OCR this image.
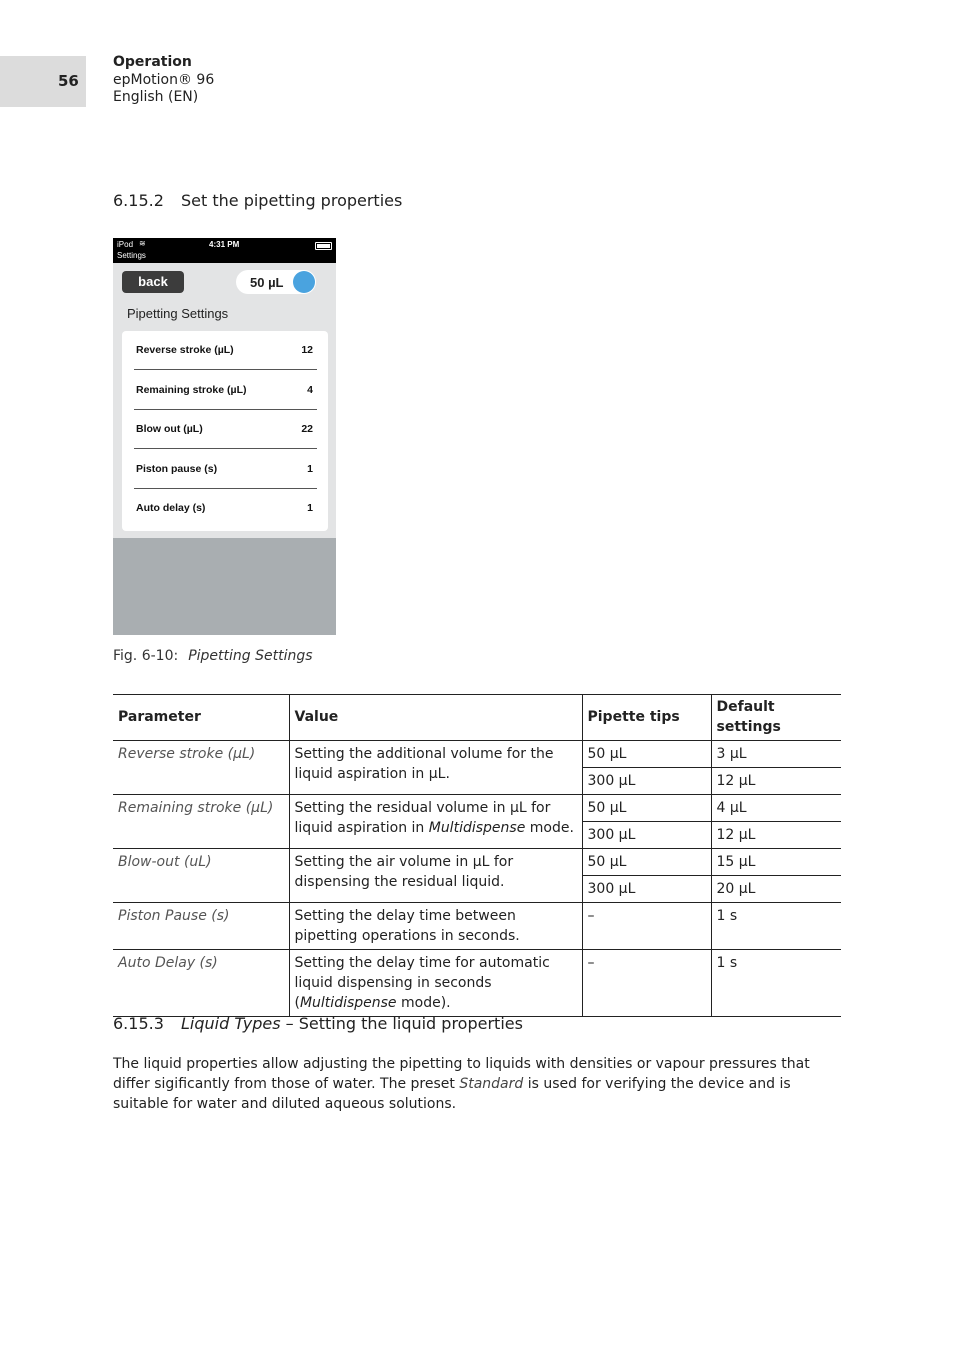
56
Operation
epMotion® 96
English (EN)
6.15.2 Set the pipetting properties
iPod ≋	4:31 PM
Settings
back	50 µL
Pipetting Settings
Reverse stroke (µL)	12
Remaining stroke (µL)	4
Blow out (µL)	22
Piston pause (s)	1
Auto delay (s)	1
Fig. 6-10: Pipetting Settings
Parameter	Value	Pipette tips	Default settings
Reverse stroke (µL)	Setting the additional volume for the liquid aspiration in µL.	50 µL	3 µL
		300 µL	12 µL
Remaining stroke (µL)	Setting the residual volume in µL for liquid aspiration in Multidispense mode.	50 µL	4 µL
		300 µL	12 µL
Blow-out (uL)	Setting the air volume in µL for dispensing the residual liquid.	50 µL	15 µL
		300 µL	20 µL
Piston Pause (s)	Setting the delay time between pipetting operations in seconds.	–	1 s
Auto Delay (s)	Setting the delay time for automatic liquid dispensing in seconds (Multidispense mode).	–	1 s
6.15.3 Liquid Types – Setting the liquid properties
The liquid properties allow adjusting the pipetting to liquids with densities or vapour pressures that differ sigificantly from those of water. The preset Standard is used for verifying the device and is suitable for water and diluted aqueous solutions.
